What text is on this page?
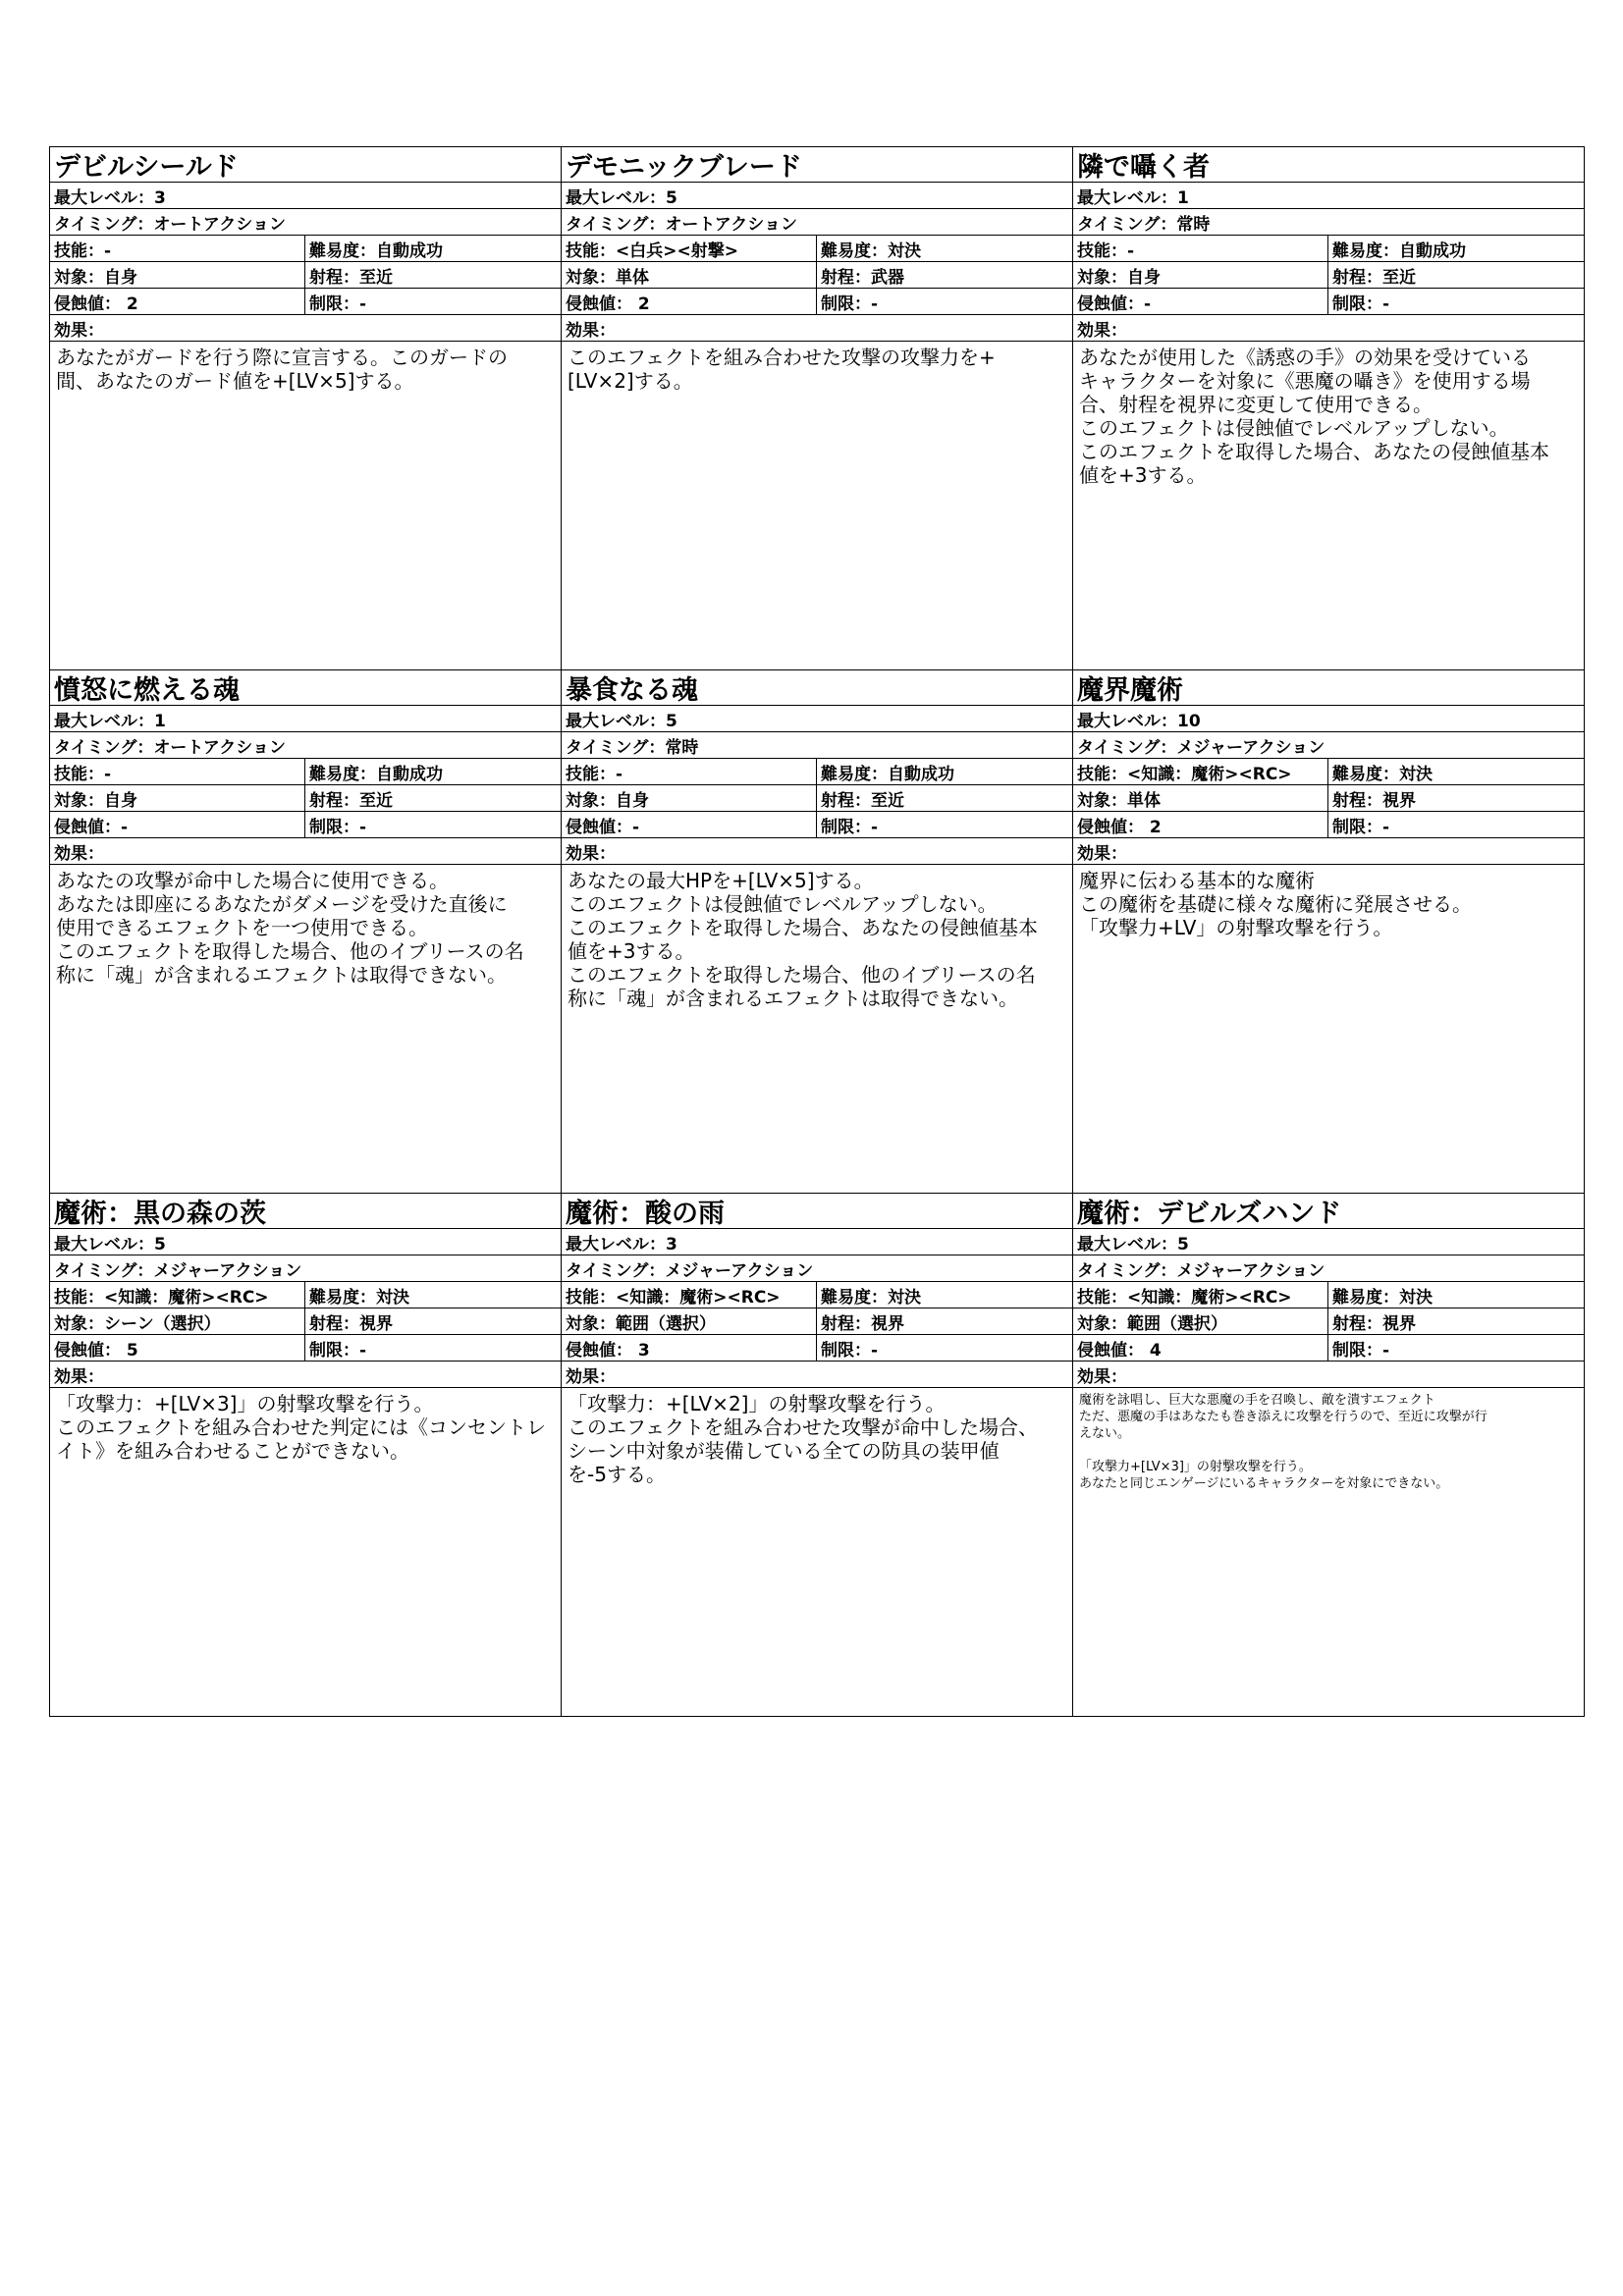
デビルシールド
最大レベル：3
タイミング：オートアクション
技能：-	難易度：自動成功
対象：自身	射程：至近
侵蝕値： 2	制限：-
効果：
あなたがガードを行う際に宣言する。このガードの
間、あなたのガード値を+[LV×5]する。
デモニックブレード
最大レベル：5
タイミング：オートアクション
技能：<白兵><射撃>	難易度：対決
対象：単体	射程：武器
侵蝕値： 2	制限：-
効果：
このエフェクトを組み合わせた攻撃の攻撃力を+
[LV×2]する。
隣で囁く者
最大レベル：1
タイミング：常時
技能：-	難易度：自動成功
対象：自身	射程：至近
侵蝕値：-	制限：-
効果：
あなたが使用した《誘惑の手》の効果を受けている
キャラクターを対象に《悪魔の囁き》を使用する場
合、射程を視界に変更して使用できる。
このエフェクトは侵蝕値でレベルアップしない。
このエフェクトを取得した場合、あなたの侵蝕値基本
値を+3する。
憤怒に燃える魂
最大レベル：1
タイミング：オートアクション
技能：-	難易度：自動成功
対象：自身	射程：至近
侵蝕値：-	制限：-
効果：
あなたの攻撃が命中した場合に使用できる。
あなたは即座にるあなたがダメージを受けた直後に
使用できるエフェクトを一つ使用できる。
このエフェクトを取得した場合、他のイブリースの名
称に「魂」が含まれるエフェクトは取得できない。
暴食なる魂
最大レベル：5
タイミング：常時
技能：-	難易度：自動成功
対象：自身	射程：至近
侵蝕値：-	制限：-
効果：
あなたの最大HPを+[LV×5]する。
このエフェクトは侵蝕値でレベルアップしない。
このエフェクトを取得した場合、あなたの侵蝕値基本
値を+3する。
このエフェクトを取得した場合、他のイブリースの名
称に「魂」が含まれるエフェクトは取得できない。
魔界魔術
最大レベル：10
タイミング：メジャーアクション
技能：<知識：魔術><RC>	難易度：対決
対象：単体	射程：視界
侵蝕値： 2	制限：-
効果：
魔界に伝わる基本的な魔術
この魔術を基礎に様々な魔術に発展させる。
「攻撃力+LV」の射撃攻撃を行う。
魔術：黒の森の茨
最大レベル：5
タイミング：メジャーアクション
技能：<知識：魔術><RC>	難易度：対決
対象：シーン（選択）	射程：視界
侵蝕値： 5	制限：-
効果：
「攻撃力：+[LV×3]」の射撃攻撃を行う。
このエフェクトを組み合わせた判定には《コンセントレ
イト》を組み合わせることができない。
魔術：酸の雨
最大レベル：3
タイミング：メジャーアクション
技能：<知識：魔術><RC>	難易度：対決
対象：範囲（選択）	射程：視界
侵蝕値： 3	制限：-
効果：
「攻撃力：+[LV×2]」の射撃攻撃を行う。
このエフェクトを組み合わせた攻撃が命中した場合、
シーン中対象が装備している全ての防具の装甲値
を-5する。
魔術：デビルズハンド
最大レベル：5
タイミング：メジャーアクション
技能：<知識：魔術><RC>	難易度：対決
対象：範囲（選択）	射程：視界
侵蝕値： 4	制限：-
効果：
魔術を詠唱し、巨大な悪魔の手を召喚し、敵を潰すエフェクト
ただ、悪魔の手はあなたも巻き添えに攻撃を行うので、至近に攻撃が行
えない。

「攻撃力+[LV×3]」の射撃攻撃を行う。
あなたと同じエンゲージにいるキャラクターを対象にできない。
